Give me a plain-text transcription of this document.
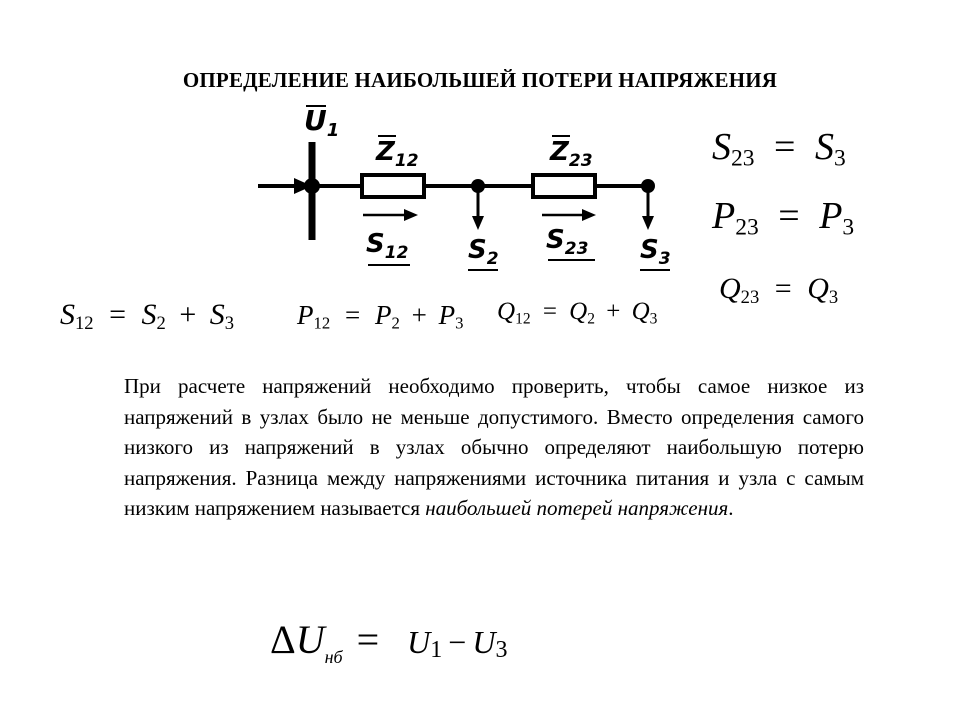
ОПРЕДЕЛЕНИЕ НАИБОЛЬШЕЙ ПОТЕРИ НАПРЯЖЕНИЯ
$U_1$
$Z_{12}$	$Z_{23}$
$S_{12}$	$S_{23}$
$S_2$	$S_3$
$S_{23} = S_3$
$P_{23} = P_3$
$Q_{23} = Q_3$
$S_{12} = S_2 + S_3$ $P_{12} = P_2 + P_3$ $Q_{12} = Q_2 + Q_3$
При расчете напряжений необходимо проверить, чтобы самое низкое из напряжений в узлах было не меньше допустимого. Вместо определения самого низкого из напряжений в узлах обычно определяют наибольшую потерю напряжения. Разница между напряжениями источника питания и узла с самым низким напряжением называется наибольшей потерей напряжения.
$\Delta U_{нб} = U_1 - U_3$
